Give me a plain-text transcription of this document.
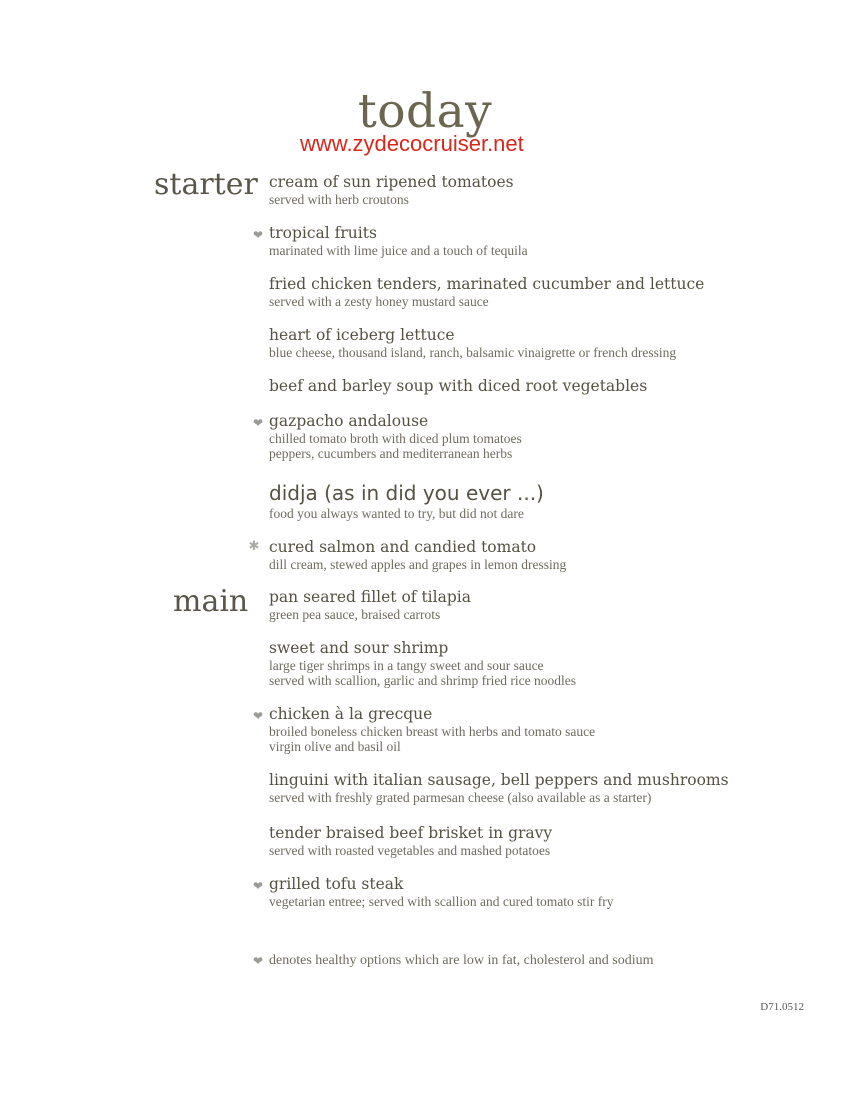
today
www.zydecocruiser.net
starter
main
cream of sun ripened tomatoes
served with herb croutons
❤ tropical fruits
marinated with lime juice and a touch of tequila
fried chicken tenders, marinated cucumber and lettuce
served with a zesty honey mustard sauce
heart of iceberg lettuce
blue cheese, thousand island, ranch, balsamic vinaigrette or french dressing
beef and barley soup with diced root vegetables
❤ gazpacho andalouse
chilled tomato broth with diced plum tomatoes
peppers, cucumbers and mediterranean herbs
didja (as in did you ever ...)
food you always wanted to try, but did not dare
✱ cured salmon and candied tomato
dill cream, stewed apples and grapes in lemon dressing
pan seared fillet of tilapia
green pea sauce, braised carrots
sweet and sour shrimp
large tiger shrimps in a tangy sweet and sour sauce
served with scallion, garlic and shrimp fried rice noodles
❤ chicken à la grecque
broiled boneless chicken breast with herbs and tomato sauce
virgin olive and basil oil
linguini with italian sausage, bell peppers and mushrooms
served with freshly grated parmesan cheese (also available as a starter)
tender braised beef brisket in gravy
served with roasted vegetables and mashed potatoes
❤ grilled tofu steak
vegetarian entree; served with scallion and cured tomato stir fry
❤ denotes healthy options which are low in fat, cholesterol and sodium
D71.0512
